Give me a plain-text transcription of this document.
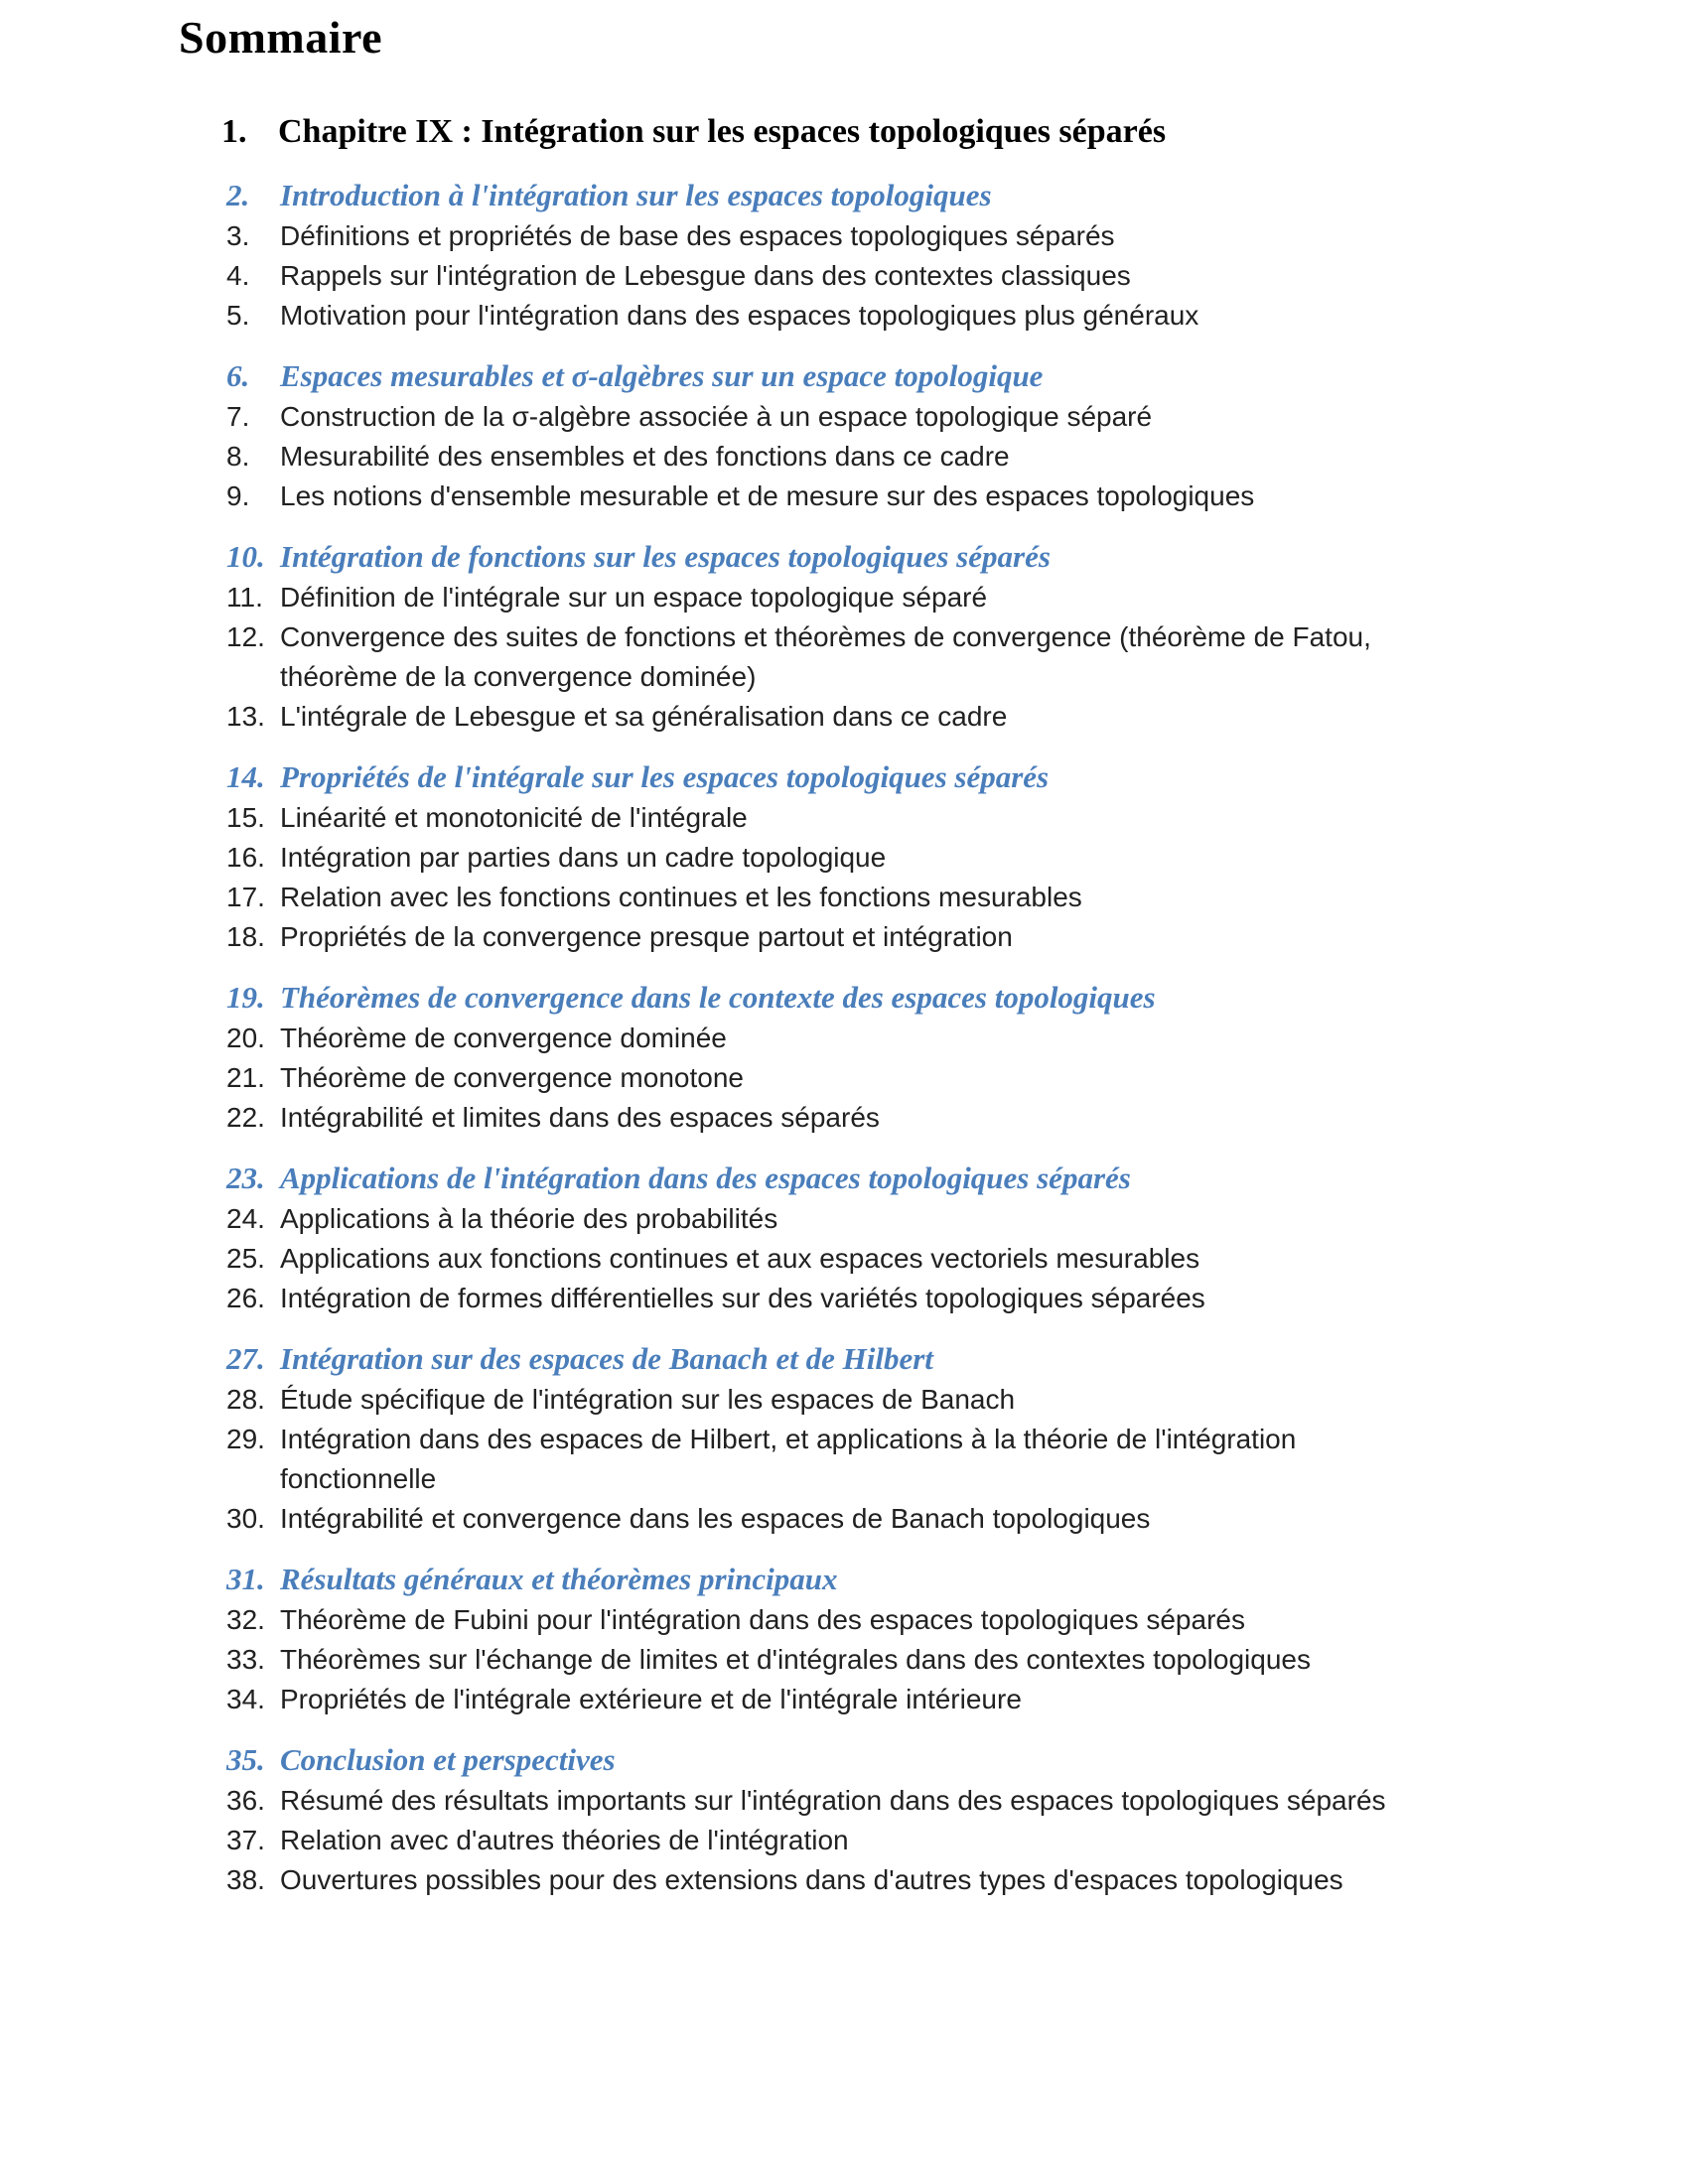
Sommaire
1. Chapitre IX : Intégration sur les espaces topologiques séparés
2. Introduction à l'intégration sur les espaces topologiques
3.	Définitions et propriétés de base des espaces topologiques séparés
4.	Rappels sur l'intégration de Lebesgue dans des contextes classiques
5.	Motivation pour l'intégration dans des espaces topologiques plus généraux
6. Espaces mesurables et σ-algèbres sur un espace topologique
7.	Construction de la σ-algèbre associée à un espace topologique séparé
8.	Mesurabilité des ensembles et des fonctions dans ce cadre
9.	Les notions d'ensemble mesurable et de mesure sur des espaces topologiques
10. Intégration de fonctions sur les espaces topologiques séparés
11. Définition de l'intégrale sur un espace topologique séparé
12. Convergence des suites de fonctions et théorèmes de convergence (théorème de Fatou,
théorème de la convergence dominée)
13. L'intégrale de Lebesgue et sa généralisation dans ce cadre
14. Propriétés de l'intégrale sur les espaces topologiques séparés
15. Linéarité et monotonicité de l'intégrale
16. Intégration par parties dans un cadre topologique
17. Relation avec les fonctions continues et les fonctions mesurables
18. Propriétés de la convergence presque partout et intégration
19. Théorèmes de convergence dans le contexte des espaces topologiques
20. Théorème de convergence dominée
21. Théorème de convergence monotone
22. Intégrabilité et limites dans des espaces séparés
23. Applications de l'intégration dans des espaces topologiques séparés
24. Applications à la théorie des probabilités
25. Applications aux fonctions continues et aux espaces vectoriels mesurables
26. Intégration de formes différentielles sur des variétés topologiques séparées
27. Intégration sur des espaces de Banach et de Hilbert
28. Étude spécifique de l'intégration sur les espaces de Banach
29. Intégration dans des espaces de Hilbert, et applications à la théorie de l'intégration
fonctionnelle
30. Intégrabilité et convergence dans les espaces de Banach topologiques
31. Résultats généraux et théorèmes principaux
32. Théorème de Fubini pour l'intégration dans des espaces topologiques séparés
33. Théorèmes sur l'échange de limites et d'intégrales dans des contextes topologiques
34. Propriétés de l'intégrale extérieure et de l'intégrale intérieure
35. Conclusion et perspectives
36. Résumé des résultats importants sur l'intégration dans des espaces topologiques séparés
37. Relation avec d'autres théories de l'intégration
38. Ouvertures possibles pour des extensions dans d'autres types d'espaces topologiques
